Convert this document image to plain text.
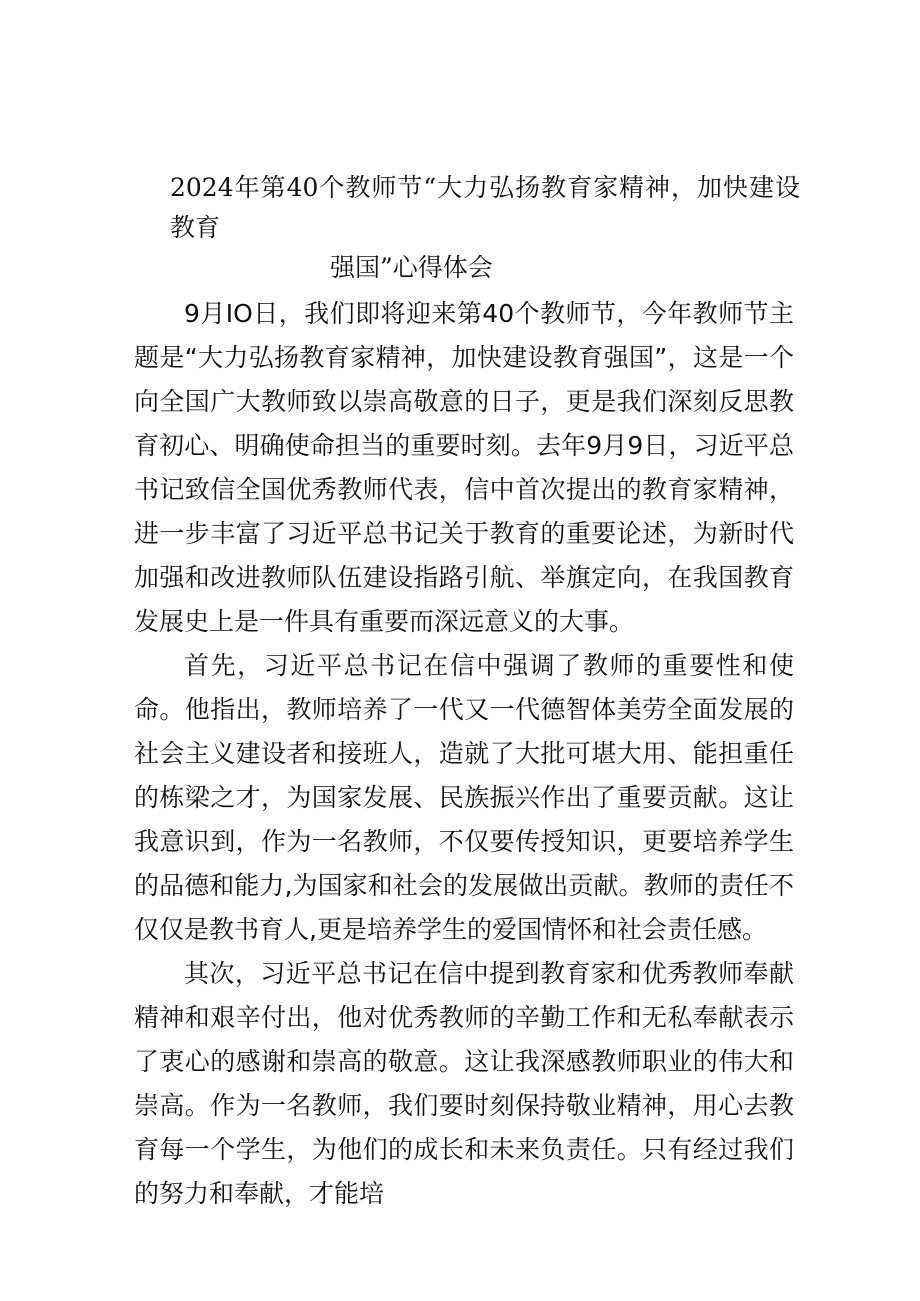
2024年第40个教师节“大力弘扬教育家精神，加快建设教育
强国”心得体会

9月IO日，我们即将迎来第40个教师节，今年教师节主题是“大力弘扬教育家精神，加快建设教育强国”，这是一个向全国广大教师致以崇高敬意的日子，更是我们深刻反思教育初心、明确使命担当的重要时刻。去年9月9日，习近平总书记致信全国优秀教师代表，信中首次提出的教育家精神，进一步丰富了习近平总书记关于教育的重要论述，为新时代加强和改进教师队伍建设指路引航、举旗定向，在我国教育发展史上是一件具有重要而深远意义的大事。

首先，习近平总书记在信中强调了教师的重要性和使命。他指出，教师培养了一代又一代德智体美劳全面发展的社会主义建设者和接班人，造就了大批可堪大用、能担重任的栋梁之才，为国家发展、民族振兴作出了重要贡献。这让我意识到，作为一名教师，不仅要传授知识，更要培养学生的品德和能力,为国家和社会的发展做出贡献。教师的责任不仅仅是教书育人,更是培养学生的爱国情怀和社会责任感。

其次，习近平总书记在信中提到教育家和优秀教师奉献精神和艰辛付出，他对优秀教师的辛勤工作和无私奉献表示了衷心的感谢和崇高的敬意。这让我深感教师职业的伟大和崇高。作为一名教师，我们要时刻保持敬业精神，用心去教育每一个学生，为他们的成长和未来负责任。只有经过我们的努力和奉献，才能培
